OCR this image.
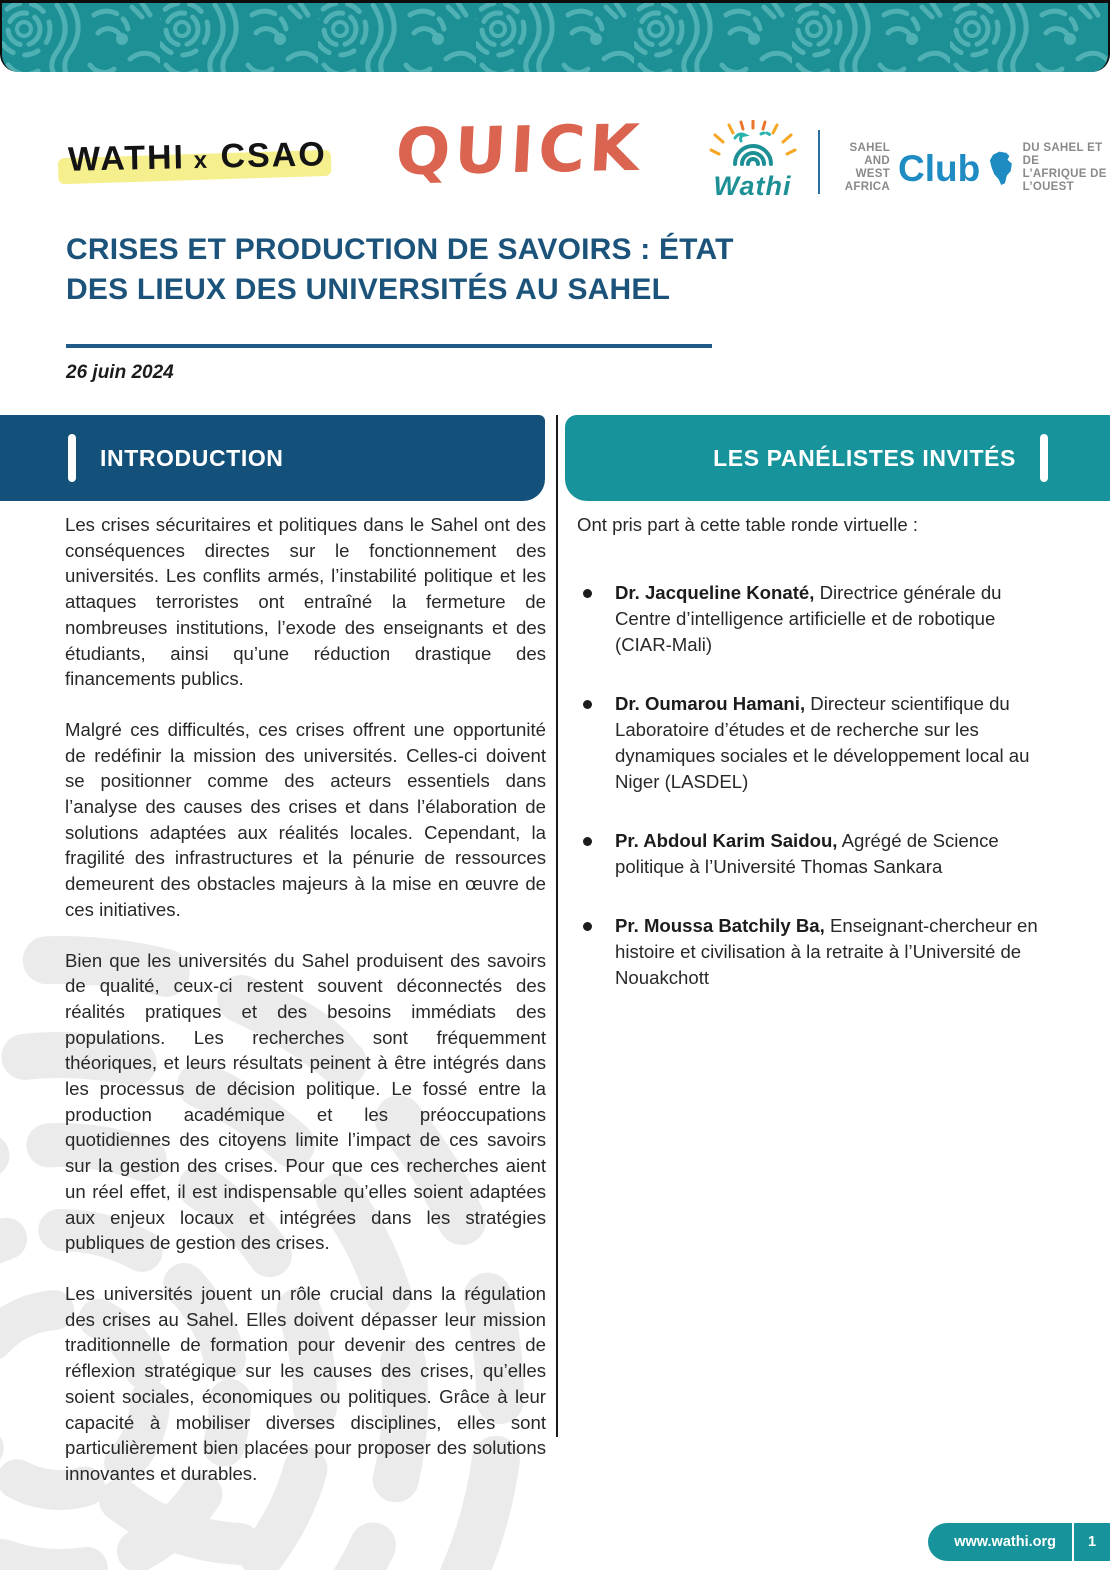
WATHI x CSAO QUICK	Wathi
SAHEL AND
WEST AFRICA Club	DU SAHEL ET DE
L’AFRIQUE DE L’OUEST
CRISES ET PRODUCTION DE SAVOIRS : ÉTAT DES LIEUX DES UNIVERSITÉS AU SAHEL
26 juin 2024
INTRODUCTION	LES PANÉLISTES INVITÉS

Les crises sécuritaires et politiques dans le Sahel ont des conséquences directes sur le fonctionnement des universités. Les conflits armés, l’instabilité politique et les attaques terroristes ont entraîné la fermeture de nombreuses institutions, l’exode des enseignants et des étudiants, ainsi qu’une réduction drastique des financements publics.

Malgré ces difficultés, ces crises offrent une opportunité de redéfinir la mission des universités. Celles-ci doivent se positionner comme des acteurs essentiels dans l’analyse des causes des crises et dans l’élaboration de solutions adaptées aux réalités locales. Cependant, la fragilité des infrastructures et la pénurie de ressources demeurent des obstacles majeurs à la mise en œuvre de ces initiatives.

Bien que les universités du Sahel produisent des savoirs de qualité, ceux-ci restent souvent déconnectés des réalités pratiques et des besoins immédiats des populations. Les recherches sont fréquemment théoriques, et leurs résultats peinent à être intégrés dans les processus de décision politique. Le fossé entre la production académique et les préoccupations quotidiennes des citoyens limite l’impact de ces savoirs sur la gestion des crises. Pour que ces recherches aient un réel effet, il est indispensable qu’elles soient adaptées aux enjeux locaux et intégrées dans les stratégies publiques de gestion des crises.

Les universités jouent un rôle crucial dans la régulation des crises au Sahel. Elles doivent dépasser leur mission traditionnelle de formation pour devenir des centres de réflexion stratégique sur les causes des crises, qu’elles soient sociales, économiques ou politiques. Grâce à leur capacité à mobiliser diverses disciplines, elles sont particulièrement bien placées pour proposer des solutions innovantes et durables.

Ont pris part à cette table ronde virtuelle :

Dr. Jacqueline Konaté, Directrice générale du Centre d’intelligence artificielle et de robotique (CIAR-Mali)
Dr. Oumarou Hamani, Directeur scientifique du Laboratoire d’études et de recherche sur les dynamiques sociales et le développement local au Niger (LASDEL)
Pr. Abdoul Karim Saidou, Agrégé de Science politique à l’Université Thomas Sankara
Pr. Moussa Batchily Ba, Enseignant-chercheur en histoire et civilisation à la retraite à l’Université de Nouakchott
www.wathi.org	1
